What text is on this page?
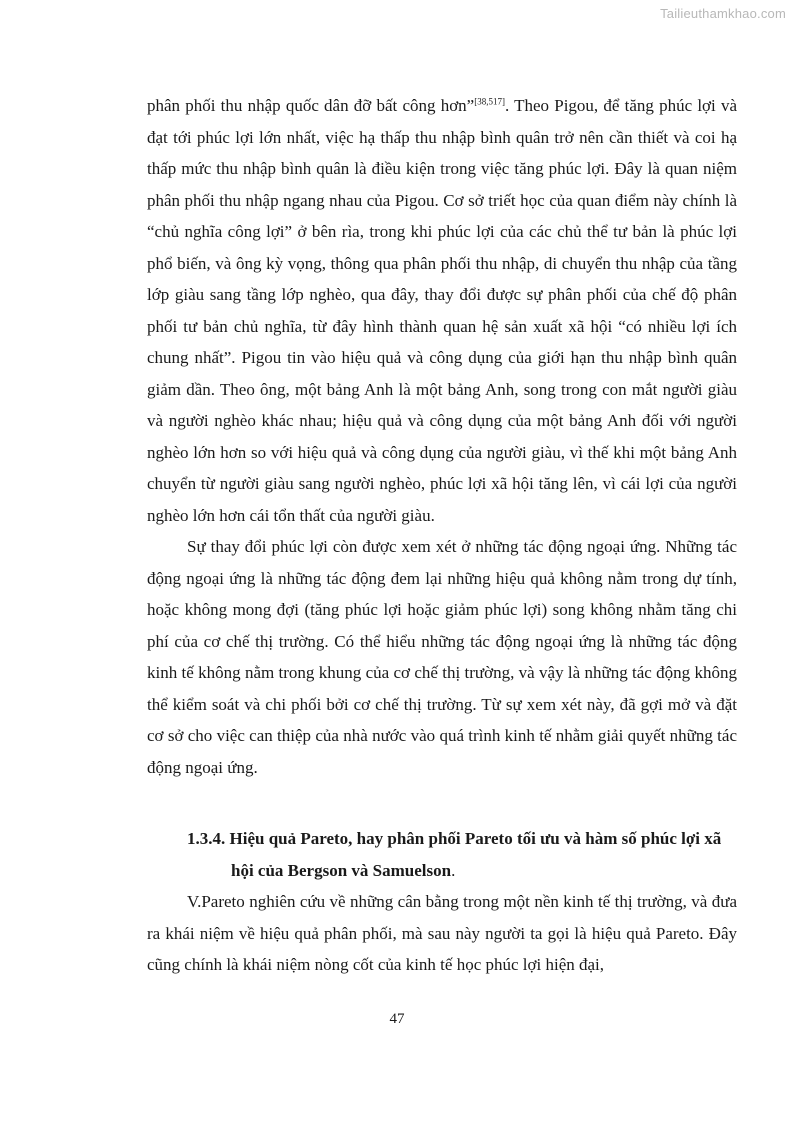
Tailieuthamkhao.com

phân phối thu nhập quốc dân đỡ bất công hơn”[38,517]. Theo Pigou, để tăng phúc lợi và đạt tới phúc lợi lớn nhất, việc hạ thấp thu nhập bình quân trở nên cần thiết và coi hạ thấp mức thu nhập bình quân là điều kiện trong việc tăng phúc lợi. Đây là quan niệm phân phối thu nhập ngang nhau của Pigou. Cơ sở triết học của quan điểm này chính là “chủ nghĩa công lợi” ở bên rìa, trong khi phúc lợi của các chủ thể tư bản là phúc lợi phổ biến, và ông kỳ vọng, thông qua phân phối thu nhập, di chuyển thu nhập của tầng lớp giàu sang tầng lớp nghèo, qua đây, thay đổi được sự phân phối của chế độ phân phối tư bản chủ nghĩa, từ đây hình thành quan hệ sản xuất xã hội “có nhiều lợi ích chung nhất”. Pigou tin vào hiệu quả và công dụng của giới hạn thu nhập bình quân giảm dần. Theo ông, một bảng Anh là một bảng Anh, song trong con mắt người giàu và người nghèo khác nhau; hiệu quả và công dụng của một bảng Anh đối với người nghèo lớn hơn so với hiệu quả và công dụng của người giàu, vì thế khi một bảng Anh chuyển từ người giàu sang người nghèo, phúc lợi xã hội tăng lên, vì cái lợi của người nghèo lớn hơn cái tổn thất của người giàu.

Sự thay đổi phúc lợi còn được xem xét ở những tác động ngoại ứng. Những tác động ngoại ứng là những tác động đem lại những hiệu quả không nằm trong dự tính, hoặc không mong đợi (tăng phúc lợi hoặc giảm phúc lợi) song không nhằm tăng chi phí của cơ chế thị trường. Có thể hiểu những tác động ngoại ứng là những tác động kinh tế không nằm trong khung của cơ chế thị trường, và vậy là những tác động không thể kiểm soát và chi phối bởi cơ chế thị trường. Từ sự xem xét này, đã gợi mở và đặt cơ sở cho việc can thiệp của nhà nước vào quá trình kinh tế nhằm giải quyết những tác động ngoại ứng.

1.3.4. Hiệu quả Pareto, hay phân phối Pareto tối ưu và hàm số phúc lợi xã hội của Bergson và Samuelson.

V.Pareto nghiên cứu về những cân bằng trong một nền kinh tế thị trường, và đưa ra khái niệm về hiệu quả phân phối, mà sau này người ta gọi là hiệu quả Pareto. Đây cũng chính là khái niệm nòng cốt của kinh tế học phúc lợi hiện đại,

47
